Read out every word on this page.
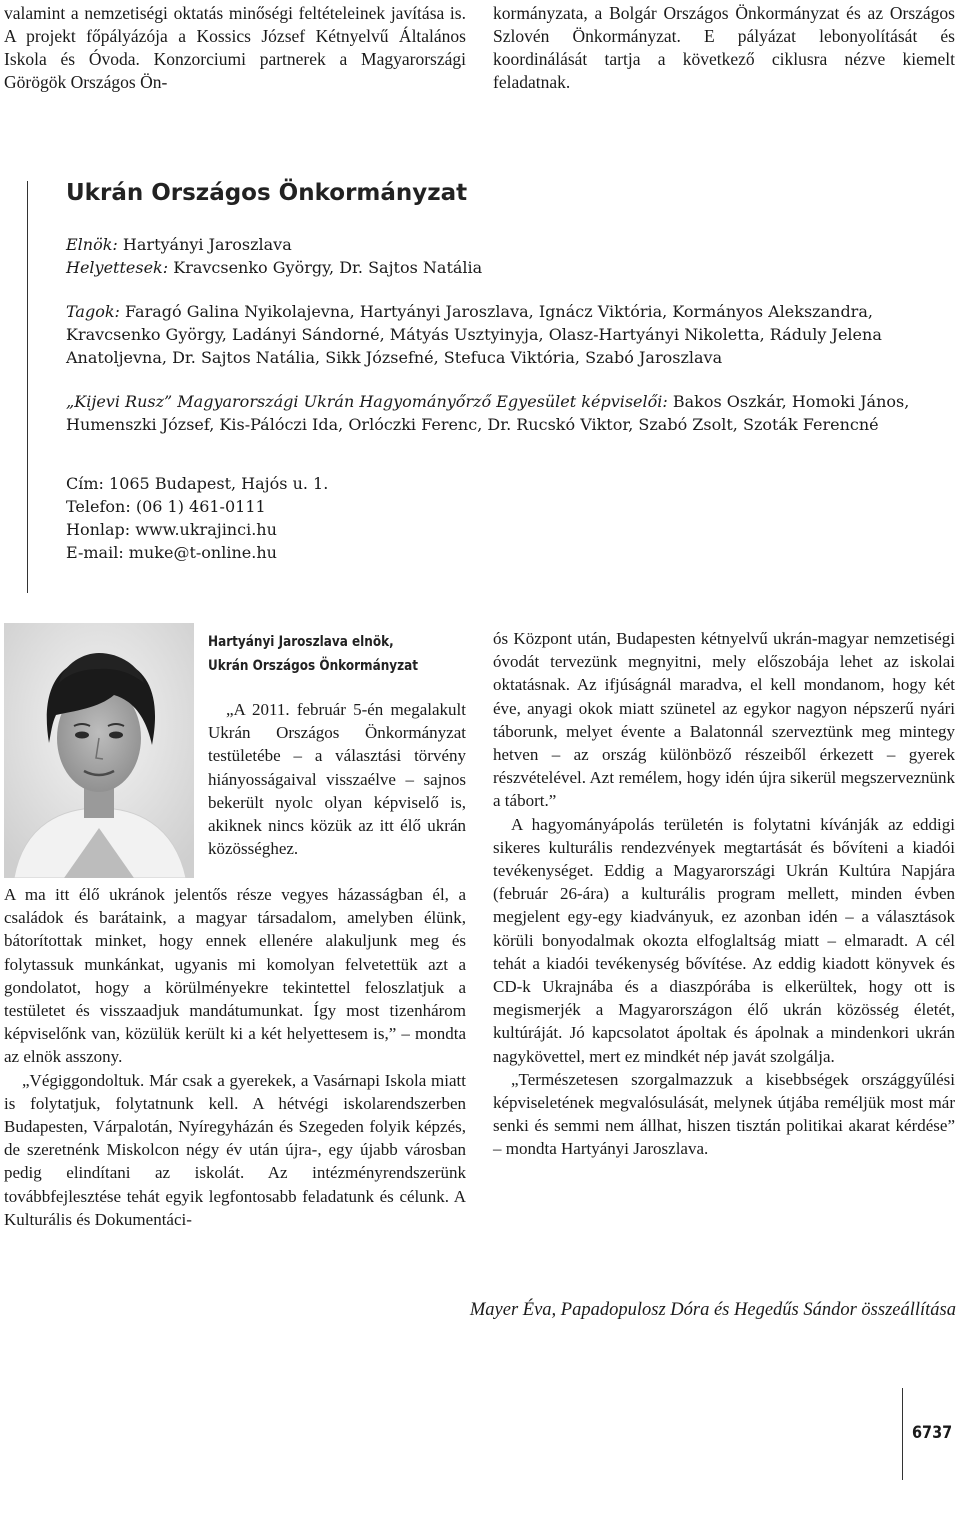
valamint a nemzetiségi oktatás minőségi feltételeinek javítása is. A projekt főpályázója a Kossics József Kétnyelvű Általános Iskola és Óvoda. Konzorciumi partnerek a Magyarországi Görögök Országos Ön-
kormányzata, a Bolgár Országos Önkormányzat és az Országos Szlovén Önkormányzat. E pályázat lebonyolítását és koordinálását tartja a következő ciklusra nézve kiemelt feladatnak.
Ukrán Országos Önkormányzat

Elnök: Hartyányi Jaroszlava

Helyettesek: Kravcsenko György, Dr. Sajtos Natália

Tagok: Faragó Galina Nyikolajevna, Hartyányi Jaroszlava, Ignácz Viktória, Kormányos Alekszandra, Kravcsenko György, Ladányi Sándorné, Mátyás Usztyinyja, Olasz-Hartyányi Nikoletta, Ráduly Jelena Anatoljevna, Dr. Sajtos Natália, Sikk Józsefné, Stefuca Viktória, Szabó Jaroszlava

„Kijevi Rusz” Magyarországi Ukrán Hagyományőrző Egyesület képviselői: Bakos Oszkár, Homoki János, Humenszki József, Kis-Pálóczi Ida, Orlóczki Ferenc, Dr. Rucskó Viktor, Szabó Zsolt, Szoták Ferencné

Cím: 1065 Budapest, Hajós u. 1.

Telefon: (06 1) 461-0111

Honlap: www.ukrajinci.hu

E-mail: muke@t-online.hu

Hartyányi Jaroszlava elnök,
Ukrán Országos Önkormányzat

„A 2011. február 5-én megalakult Ukrán Országos Önkormányzat testületébe – a választási törvény hiányosságaival visszaélve – sajnos bekerült nyolc olyan képviselő is, akiknek nincs közük az itt élő ukrán közösséghez.

A ma itt élő ukránok jelentős része vegyes házasságban él, a családok és barátaink, a magyar társadalom, amelyben élünk, bátorítottak minket, hogy ennek ellenére alakuljunk meg és folytassuk munkánkat, ugyanis mi komolyan felvetettük azt a gondolatot, hogy a körülményekre tekintettel feloszlatjuk a testületet és visszaadjuk mandátumunkat. Így most tizenhárom képviselőnk van, közülük került ki a két helyettesem is,” – mondta az elnök asszony.

„Végiggondoltuk. Már csak a gyerekek, a Vasárnapi Iskola miatt is folytatjuk, folytatnunk kell. A hétvégi iskolarendszerben Budapesten, Várpalotán, Nyíregyházán és Szegeden folyik képzés, de szeretnénk Miskolcon négy év után újra-, egy újabb városban pedig elindítani az iskolát. Az intézményrendszerünk továbbfejlesztése tehát egyik legfontosabb feladatunk és célunk. A Kulturális és Dokumentáci-

ós Központ után, Budapesten kétnyelvű ukrán-magyar nemzetiségi óvodát tervezünk megnyitni, mely előszobája lehet az iskolai oktatásnak. Az ifjúságnál maradva, el kell mondanom, hogy két éve, anyagi okok miatt szünetel az egykor nagyon népszerű nyári táborunk, melyet évente a Balatonnál szerveztünk meg mintegy hetven – az ország különböző részeiből érkezett – gyerek részvételével. Azt remélem, hogy idén újra sikerül megszerveznünk a tábort.”

A hagyományápolás területén is folytatni kívánják az eddigi sikeres kulturális rendezvények megtartását és bővíteni a kiadói tevékenységet. Eddig a Magyarországi Ukrán Kultúra Napjára (február 26-ára) a kulturális program mellett, minden évben megjelent egy-egy kiadványuk, ez azonban idén – a választások körüli bonyodalmak okozta elfoglaltság miatt – elmaradt. A cél tehát a kiadói tevékenység bővítése. Az eddig kiadott könyvek és CD-k Ukrajnába és a diaszpórába is elkerültek, hogy ott is megismerjék a Magyarországon élő ukrán közösség életét, kultúráját. Jó kapcsolatot ápoltak és ápolnak a mindenkori ukrán nagykövettel, mert ez mindkét nép javát szolgálja.

„Természetesen szorgalmazzuk a kisebbségek országgyűlési képviseletének megvalósulását, melynek útjába reméljük most már senki és semmi nem állhat, hiszen tisztán politikai akarat kérdése” – mondta Hartyányi Jaroszlava.

Mayer Éva, Papadopulosz Dóra és Hegedűs Sándor összeállítása
6737
